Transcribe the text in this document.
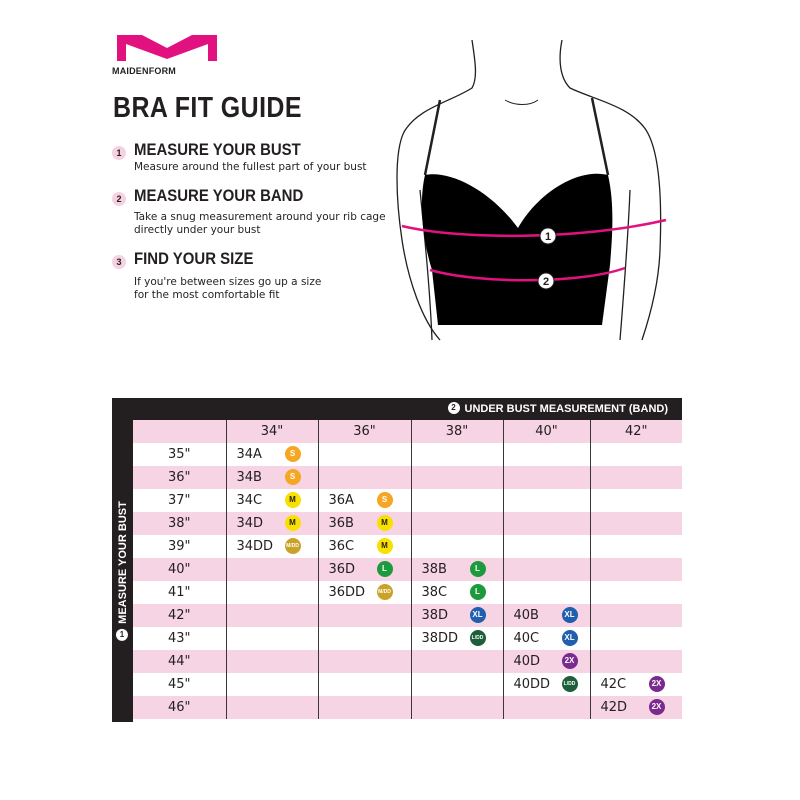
MAIDENFORM
BRA FIT GUIDE
1 MEASURE YOUR BUST
Measure around the fullest part of your bust
2 MEASURE YOUR BAND
Take a snug measurement around your rib cage
directly under your bust
3 FIND YOUR SIZE
If you're between sizes go up a size
for the most comfortable fit
1
2
2 UNDER BUST MEASUREMENT (BAND)
1MEASURE YOUR BUST
	34"	36"	38"	40"	42"
35"	34A S				
36"	34B S				
37"	34C M	36A S			
38"	34D M	36B M			
39"	34DD M/DD	36C M			
40"		36D L	38B L		
41"		36DD M/DD	38C L		
42"			38D XL	40B XL	
43"			38DD L/DD	40C XL	
44"				40D 2X	
45"				40DD L/DD	42C 2X
46"					42D 2X
